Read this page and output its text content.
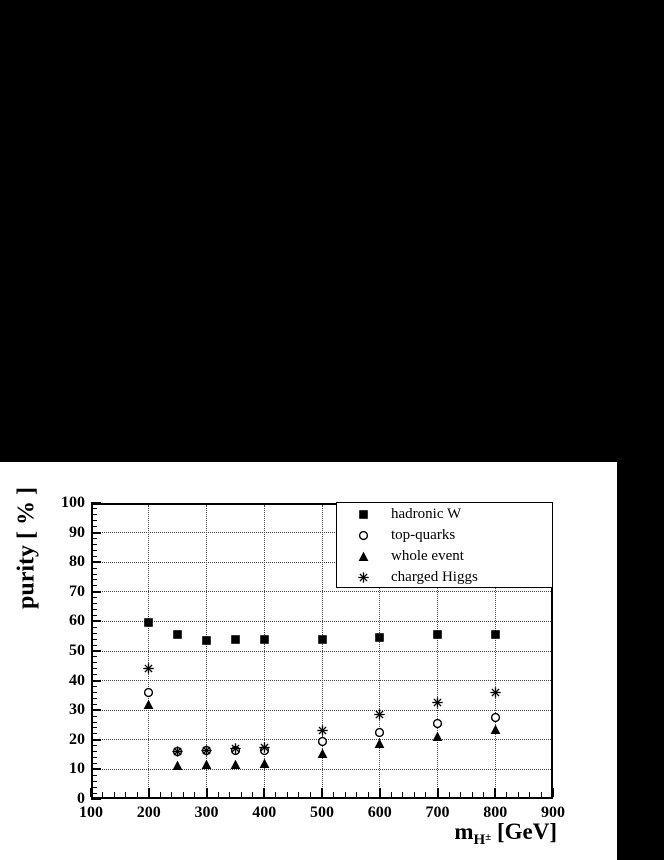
purity [ % ]
0
10
20
30
40
50
60
70
80
90
100
100	200	300	400	500	600	700	800	900
hadronic W
top-quarks
whole event
charged Higgs
$m_{H^\pm}$ [GeV]
